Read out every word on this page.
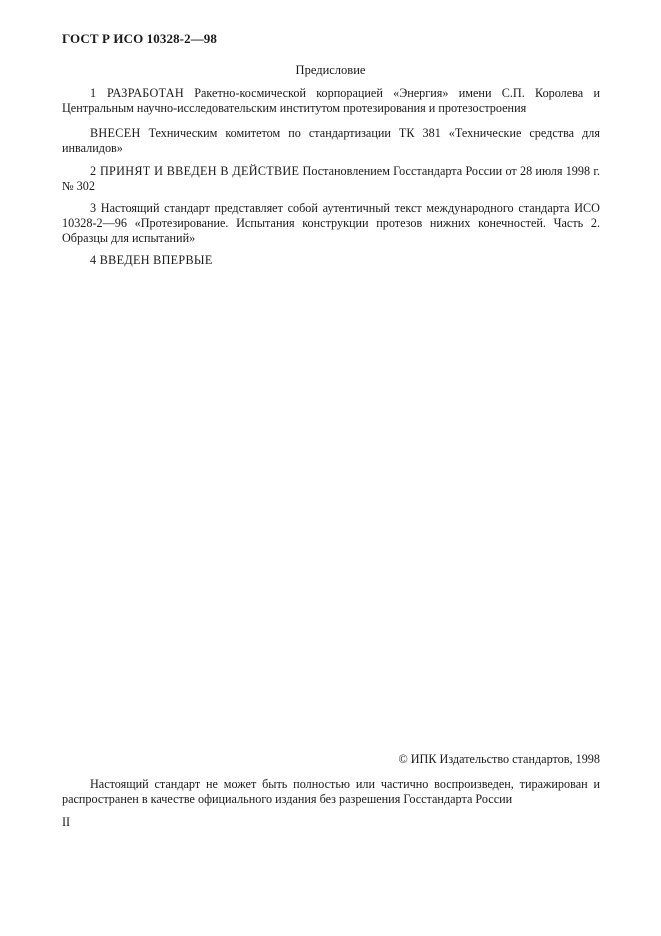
ГОСТ Р ИСО 10328-2—98
Предисловие

1 РАЗРАБОТАН Ракетно-космической корпорацией «Энергия» имени С.П. Королева и Центральным научно-исследовательским институтом протезирования и протезостроения

ВНЕСЕН Техническим комитетом по стандартизации ТК 381 «Технические средства для инвалидов»

2 ПРИНЯТ И ВВЕДЕН В ДЕЙСТВИЕ Постановлением Госстандарта России от 28 июля 1998 г. № 302

3 Настоящий стандарт представляет собой аутентичный текст международного стандарта ИСО 10328-2—96 «Протезирование. Испытания конструкции протезов нижних конечностей. Часть 2. Образцы для испытаний»

4 ВВЕДЕН ВПЕРВЫЕ

© ИПК Издательство стандартов, 1998

Настоящий стандарт не может быть полностью или частично воспроизведен, тиражирован и распространен в качестве официального издания без разрешения Госстандарта России

II
